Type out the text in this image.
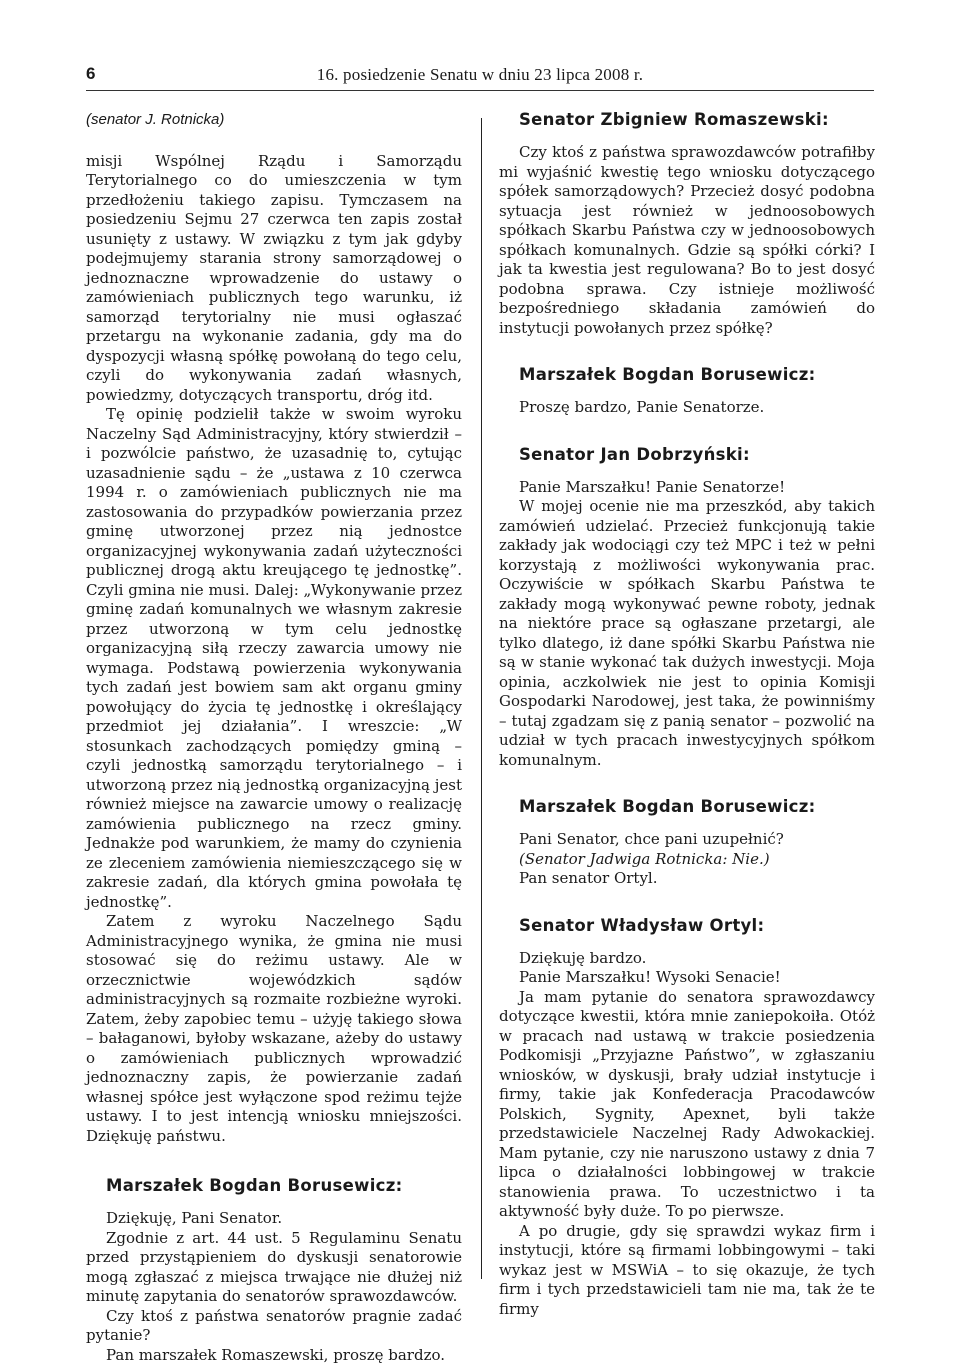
6	16. posiedzenie Senatu w dniu 23 lipca 2008 r.
(senator J. Rotnicka)

misji Wspólnej Rządu i Samorządu Terytorialnego co do umieszczenia w tym przedłożeniu takiego zapisu. Tymczasem na posiedzeniu Sejmu 27 czerwca ten zapis został usunięty z ustawy. W związku z tym jak gdyby podejmujemy starania strony samorządowej o jednoznaczne wprowadzenie do ustawy o zamówieniach publicznych tego warunku, iż samorząd terytorialny nie musi ogłaszać przetargu na wykonanie zadania, gdy ma do dyspozycji własną spółkę powołaną do tego celu, czyli do wykonywania zadań własnych, powiedzmy, dotyczących transportu, dróg itd.

Tę opinię podzielił także w swoim wyroku Naczelny Sąd Administracyjny, który stwierdził – i pozwólcie państwo, że uzasadnię to, cytując uzasadnienie sądu – że „ustawa z 10 czerwca 1994 r. o zamówieniach publicznych nie ma zastosowania do przypadków powierzania przez gminę utworzonej przez nią jednostce organizacyjnej wykonywania zadań użyteczności publicznej drogą aktu kreującego tę jednostkę”. Czyli gmina nie musi. Dalej: „Wykonywanie przez gminę zadań komunalnych we własnym zakresie przez utworzoną w tym celu jednostkę organizacyjną siłą rzeczy zawarcia umowy nie wymaga. Podstawą powierzenia wykonywania tych zadań jest bowiem sam akt organu gminy powołujący do życia tę jednostkę i określający przedmiot jej działania”. I wreszcie: „W stosunkach zachodzących pomiędzy gminą – czyli jednostką samorządu terytorialnego – i utworzoną przez nią jednostką organizacyjną jest również miejsce na zawarcie umowy o realizację zamówienia publicznego na rzecz gminy. Jednakże pod warunkiem, że mamy do czynienia ze zleceniem zamówienia niemieszczącego się w zakresie zadań, dla których gmina powołała tę jednostkę”.

Zatem z wyroku Naczelnego Sądu Administracyjnego wynika, że gmina nie musi stosować się do reżimu ustawy. Ale w orzecznictwie wojewódzkich sądów administracyjnych są rozmaite rozbieżne wyroki. Zatem, żeby zapobiec temu – użyję takiego słowa – bałaganowi, byłoby wskazane, ażeby do ustawy o zamówieniach publicznych wprowadzić jednoznaczny zapis, że powierzanie zadań własnej spółce jest wyłączone spod reżimu tejże ustawy. I to jest intencją wniosku mniejszości. Dziękuję państwu.

Marszałek Bogdan Borusewicz:

Dziękuję, Pani Senator.

Zgodnie z art. 44 ust. 5 Regulaminu Senatu przed przystąpieniem do dyskusji senatorowie mogą zgłaszać z miejsca trwające nie dłużej niż minutę zapytania do senatorów sprawozdawców.

Czy ktoś z państwa senatorów pragnie zadać pytanie?

Pan marszałek Romaszewski, proszę bardzo.

Senator Zbigniew Romaszewski:

Czy ktoś z państwa sprawozdawców potrafiłby mi wyjaśnić kwestię tego wniosku dotyczącego spółek samorządowych? Przecież dosyć podobna sytuacja jest również w jednoosobowych spółkach Skarbu Państwa czy w jednoosobowych spółkach komunalnych. Gdzie są spółki córki? I jak ta kwestia jest regulowana? Bo to jest dosyć podobna sprawa. Czy istnieje możliwość bezpośredniego składania zamówień do instytucji powołanych przez spółkę?

Marszałek Bogdan Borusewicz:

Proszę bardzo, Panie Senatorze.

Senator Jan Dobrzyński:

Panie Marszałku! Panie Senatorze!

W mojej ocenie nie ma przeszkód, aby takich zamówień udzielać. Przecież funkcjonują takie zakłady jak wodociągi czy też MPC i też w pełni korzystają z możliwości wykonywania prac. Oczywiście w spółkach Skarbu Państwa te zakłady mogą wykonywać pewne roboty, jednak na niektóre prace są ogłaszane przetargi, ale tylko dlatego, iż dane spółki Skarbu Państwa nie są w stanie wykonać tak dużych inwestycji. Moja opinia, aczkolwiek nie jest to opinia Komisji Gospodarki Narodowej, jest taka, że powinniśmy – tutaj zgadzam się z panią senator – pozwolić na udział w tych pracach inwestycyjnych spółkom komunalnym.

Marszałek Bogdan Borusewicz:

Pani Senator, chce pani uzupełnić?

(Senator Jadwiga Rotnicka: Nie.)

Pan senator Ortyl.

Senator Władysław Ortyl:

Dziękuję bardzo.

Panie Marszałku! Wysoki Senacie!

Ja mam pytanie do senatora sprawozdawcy dotyczące kwestii, która mnie zaniepokoiła. Otóż w pracach nad ustawą w trakcie posiedzenia Podkomisji „Przyjazne Państwo”, w zgłaszaniu wniosków, w dyskusji, brały udział instytucje i firmy, takie jak Konfederacja Pracodawców Polskich, Sygnity, Apexnet, byli także przedstawiciele Naczelnej Rady Adwokackiej. Mam pytanie, czy nie naruszono ustawy z dnia 7 lipca o działalności lobbingowej w trakcie stanowienia prawa. To uczestnictwo i ta aktywność były duże. To po pierwsze.

A po drugie, gdy się sprawdzi wykaz firm i instytucji, które są firmami lobbingowymi – taki wykaz jest w MSWiA – to się okazuje, że tych firm i tych przedstawicieli tam nie ma, tak że te firmy
